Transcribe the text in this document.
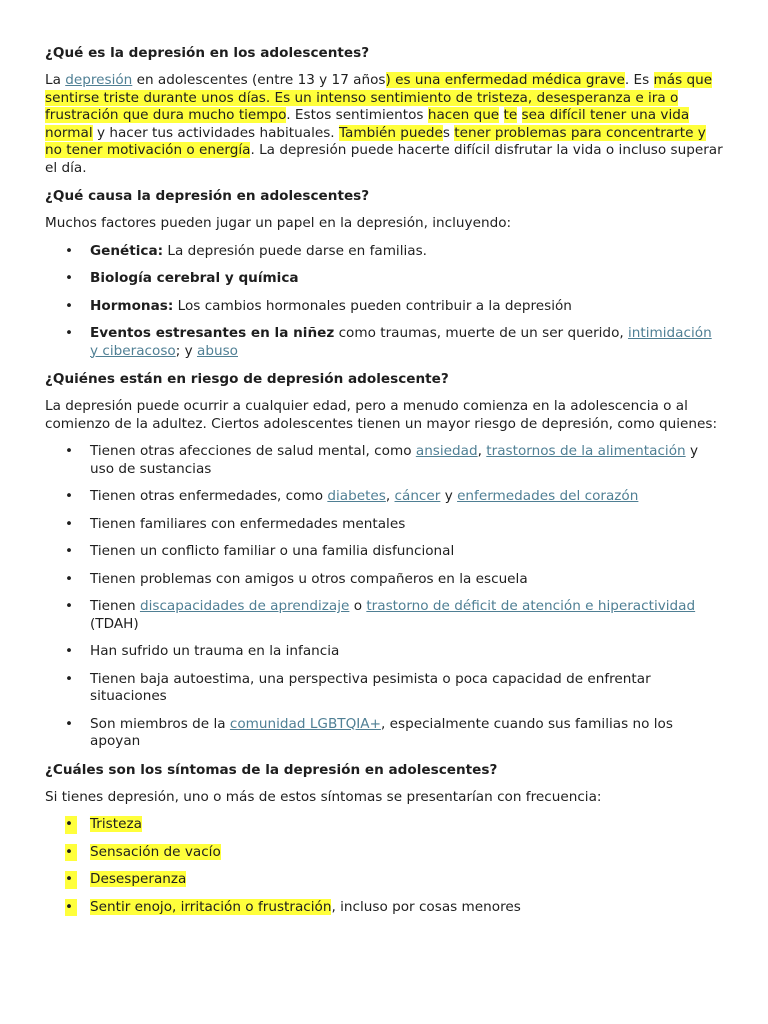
¿Qué es la depresión en los adolescentes?

La depresión en adolescentes (entre 13 y 17 años) es una enfermedad médica grave. Es más que sentirse triste durante unos días. Es un intenso sentimiento de tristeza, desesperanza e ira o frustración que dura mucho tiempo. Estos sentimientos hacen que te sea difícil tener una vida normal y hacer tus actividades habituales. También puedes tener problemas para concentrarte y no tener motivación o energía. La depresión puede hacerte difícil disfrutar la vida o incluso superar el día.

¿Qué causa la depresión en adolescentes?

Muchos factores pueden jugar un papel en la depresión, incluyendo:

• Genética: La depresión puede darse en familias.
• Biología cerebral y química
• Hormonas: Los cambios hormonales pueden contribuir a la depresión
• Eventos estresantes en la niñez como traumas, muerte de un ser querido, intimidación y ciberacoso; y abuso
¿Quiénes están en riesgo de depresión adolescente?

La depresión puede ocurrir a cualquier edad, pero a menudo comienza en la adolescencia o al comienzo de la adultez. Ciertos adolescentes tienen un mayor riesgo de depresión, como quienes:

• Tienen otras afecciones de salud mental, como ansiedad, trastornos de la alimentación y uso de sustancias
• Tienen otras enfermedades, como diabetes, cáncer y enfermedades del corazón
• Tienen familiares con enfermedades mentales
• Tienen un conflicto familiar o una familia disfuncional
• Tienen problemas con amigos u otros compañeros en la escuela
• Tienen discapacidades de aprendizaje o trastorno de déficit de atención e hiperactividad (TDAH)
• Han sufrido un trauma en la infancia
• Tienen baja autoestima, una perspectiva pesimista o poca capacidad de enfrentar situaciones
• Son miembros de la comunidad LGBTQIA+, especialmente cuando sus familias no los apoyan
¿Cuáles son los síntomas de la depresión en adolescentes?

Si tienes depresión, uno o más de estos síntomas se presentarían con frecuencia:

• Tristeza
• Sensación de vacío
• Desesperanza
• Sentir enojo, irritación o frustración, incluso por cosas menores
